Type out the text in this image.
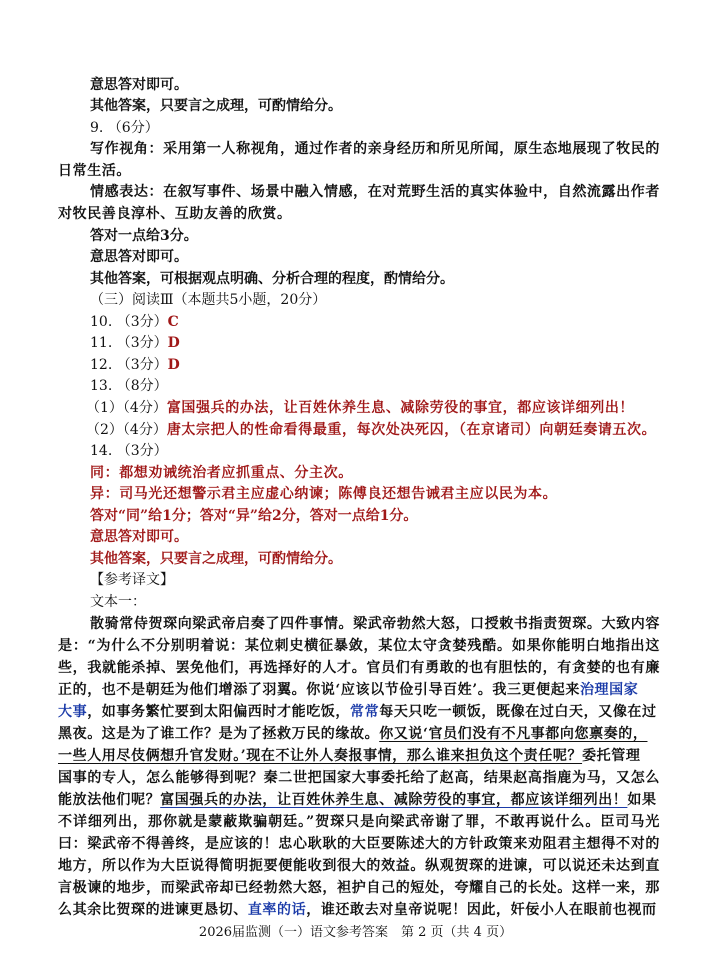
意思答对即可。
其他答案，只要言之成理，可酌情给分。
9. （6分）
写作视角：采用第一人称视角，通过作者的亲身经历和所见所闻，原生态地展现了牧民的
日常生活。
情感表达：在叙写事件、场景中融入情感，在对荒野生活的真实体验中，自然流露出作者
对牧民善良淳朴、互助友善的欣赏。
答对一点给3分。
意思答对即可。
其他答案，可根据观点明确、分析合理的程度，酌情给分。
（三）阅读Ⅲ（本题共5小题，20分）
10. （3分）C
11. （3分）D
12. （3分）D
13. （8分）
（1）（4分）富国强兵的办法，让百姓休养生息、减除劳役的事宜，都应该详细列出！
（2）（4分）唐太宗把人的性命看得最重，每次处决死囚，（在京诸司）向朝廷奏请五次。
14. （3分）
同：都想劝诫统治者应抓重点、分主次。
异：司马光还想警示君主应虚心纳谏；陈傅良还想告诫君主应以民为本。
答对“同”给1分；答对“异”给2分，答对一点给1分。
意思答对即可。
其他答案，只要言之成理，可酌情给分。
【参考译文】
文本一：
散骑常侍贺琛向梁武帝启奏了四件事情。梁武帝勃然大怒，口授敕书指责贺琛。大致内容
是：“为什么不分别明着说：某位刺史横征暴敛，某位太守贪婪残酷。如果你能明白地指出这
些，我就能杀掉、罢免他们，再选择好的人才。官员们有勇敢的也有胆怯的，有贪婪的也有廉
正的，也不是朝廷为他们增添了羽翼。你说‘应该以节俭引导百姓’。我三更便起来治理国家
大事，如事务繁忙要到太阳偏西时才能吃饭，常常每天只吃一顿饭，既像在过白天，又像在过
黑夜。这是为了谁工作？是为了拯救万民的缘故。你又说‘官员们没有不凡事都向您禀奏的，
一些人用尽伎俩想升官发财。’现在不让外人奏报事情，那么谁来担负这个责任呢？委托管理
国事的专人，怎么能够得到呢？秦二世把国家大事委托给了赵高，结果赵高指鹿为马，又怎么
能放法他们呢？富国强兵的办法，让百姓休养生息、减除劳役的事宜，都应该详细列出！如果
不详细列出，那你就是蒙蔽欺骗朝廷。”贺琛只是向梁武帝谢了罪，不敢再说什么。臣司马光
曰：梁武帝不得善终，是应该的！忠心耿耿的大臣要陈述大的方针政策来劝阻君主想得不对的
地方，所以作为大臣说得简明扼要便能收到很大的效益。纵观贺琛的进谏，可以说还未达到直
言极谏的地步，而梁武帝却已经勃然大怒，袒护自己的短处，夸耀自己的长处。这样一来，那
么其余比贺琛的进谏更恳切、直率的话，谁还敢去对皇帝说呢！因此，奸佞小人在眼前也视而
2026届监测（一）语文参考答案　第 2 页（共 4 页）
